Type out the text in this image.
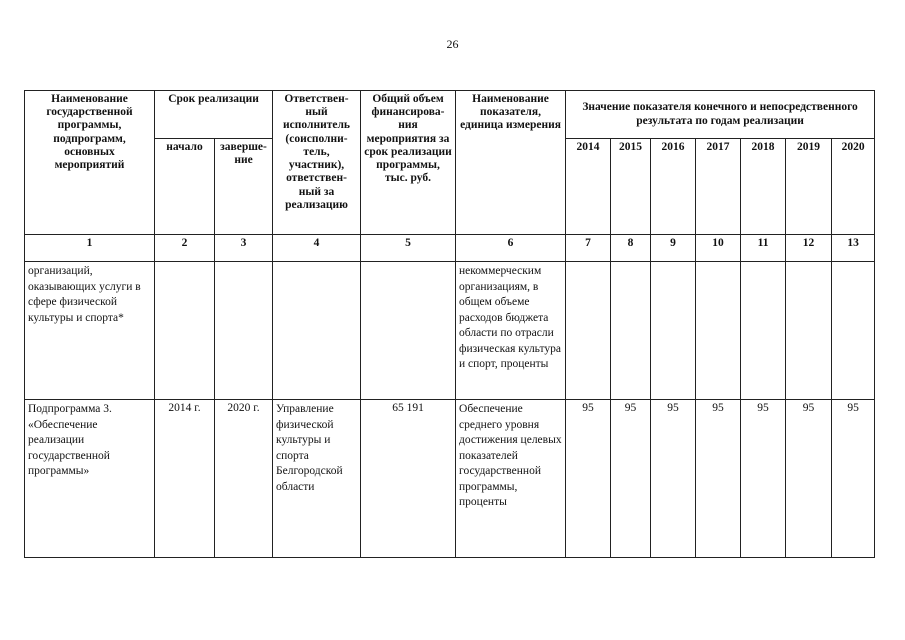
26
Наименование государственной программы, подпрограмм, основных мероприятий	Срок реализации		Ответствен-ный исполнитель (соисполни-тель, участник), ответствен-ный за реализацию	Общий объем финансирова-ния мероприятия за срок реализации программы, тыс. руб.	Наименование показателя, единица измерения	Значение показателя конечного и непосредственного результата по годам реализации						
	начало	заверше-ние				2014	2015	2016	2017	2018	2019	2020
1	2	3	4	5	6	7	8	9	10	11	12	13
организаций, оказывающих услуги в сфере физической культуры и спорта*					некоммерческим организациям, в общем объеме расходов бюджета области по отрасли физическая культура и спорт, проценты							
Подпрограмма 3. «Обеспечение реализации государственной программы»	2014 г.	2020 г.	Управление физической культуры и спорта Белгородской области	65 191	Обеспечение среднего уровня достижения целевых показателей государственной программы, проценты	95	95	95	95	95	95	95
